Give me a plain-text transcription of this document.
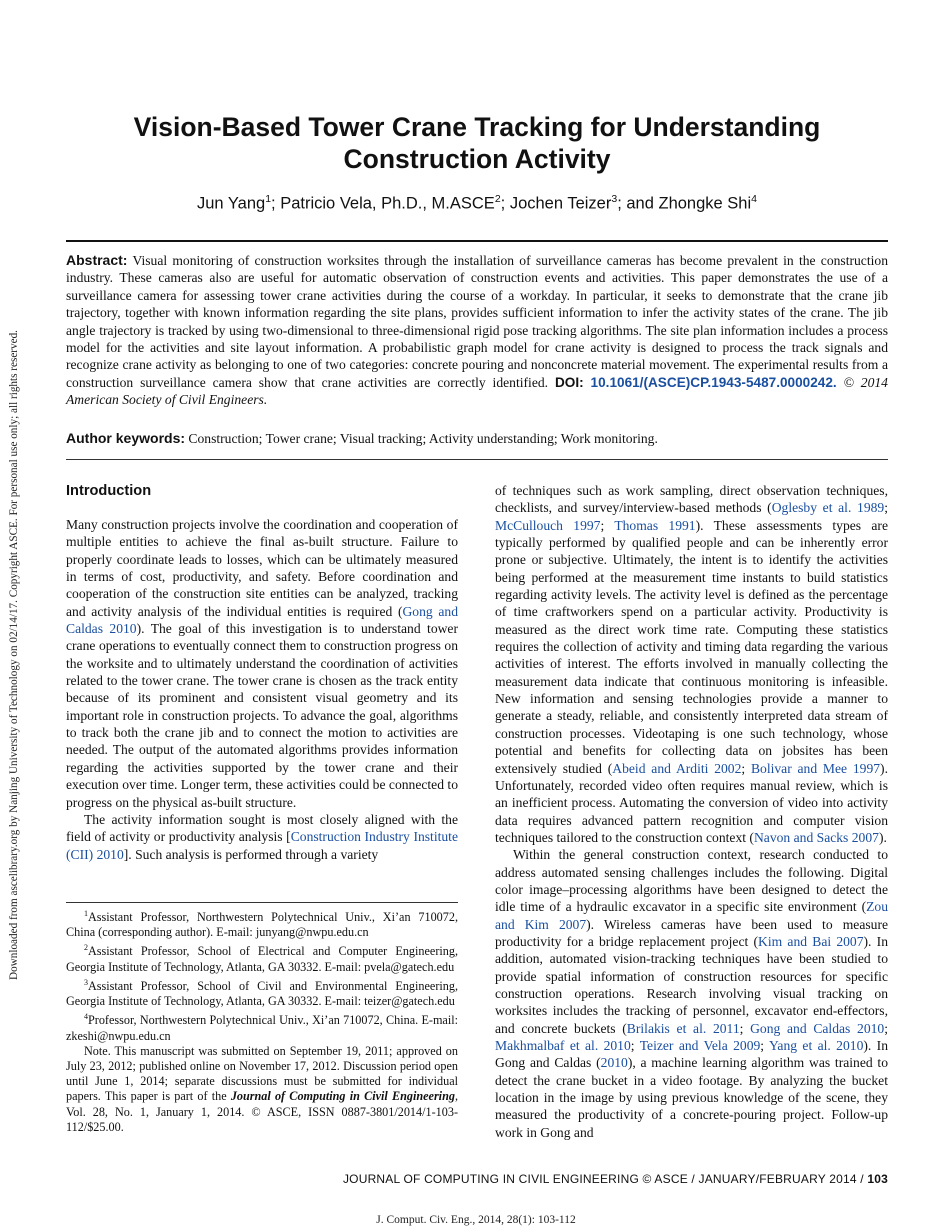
Downloaded from ascelibrary.org by Nanjing University of Technology on 02/14/17. Copyright ASCE. For personal use only; all rights reserved.
Vision-Based Tower Crane Tracking for Understanding Construction Activity
Jun Yang$^1$; Patricio Vela, Ph.D., M.ASCE$^2$; Jochen Teizer$^3$; and Zhongke Shi$^4$

Abstract: Visual monitoring of construction worksites through the installation of surveillance cameras has become prevalent in the construction industry. These cameras also are useful for automatic observation of construction events and activities. This paper demonstrates the use of a surveillance camera for assessing tower crane activities during the course of a workday. In particular, it seeks to demonstrate that the crane jib trajectory, together with known information regarding the site plans, provides sufficient information to infer the activity states of the crane. The jib angle trajectory is tracked by using two-dimensional to three-dimensional rigid pose tracking algorithms. The site plan information includes a process model for the activities and site layout information. A probabilistic graph model for crane activity is designed to process the track signals and recognize crane activity as belonging to one of two categories: concrete pouring and nonconcrete material movement. The experimental results from a construction surveillance camera show that crane activities are correctly identified. DOI: 10.1061/(ASCE)CP.1943-5487.0000242. © 2014 American Society of Civil Engineers.

Author keywords: Construction; Tower crane; Visual tracking; Activity understanding; Work monitoring.

Introduction

Many construction projects involve the coordination and cooperation of multiple entities to achieve the final as-built structure. Failure to properly coordinate leads to losses, which can be ultimately measured in terms of cost, productivity, and safety. Before coordination and cooperation of the construction site entities can be analyzed, tracking and activity analysis of the individual entities is required (Gong and Caldas 2010). The goal of this investigation is to understand tower crane operations to eventually connect them to construction progress on the worksite and to ultimately understand the coordination of activities related to the tower crane. The tower crane is chosen as the track entity because of its prominent and consistent visual geometry and its important role in construction projects. To advance the goal, algorithms to track both the crane jib and to connect the motion to activities are needed. The output of the automated algorithms provides information regarding the activities supported by the tower crane and their execution over time. Longer term, these activities could be connected to progress on the physical as-built structure.

The activity information sought is most closely aligned with the field of activity or productivity analysis [Construction Industry Institute (CII) 2010]. Such analysis is performed through a variety

$^1$Assistant Professor, Northwestern Polytechnical Univ., Xi’an 710072, China (corresponding author). E-mail: junyang@nwpu.edu.cn

$^2$Assistant Professor, School of Electrical and Computer Engineering, Georgia Institute of Technology, Atlanta, GA 30332. E-mail: pvela@gatech.edu

$^3$Assistant Professor, School of Civil and Environmental Engineering, Georgia Institute of Technology, Atlanta, GA 30332. E-mail: teizer@gatech.edu

$^4$Professor, Northwestern Polytechnical Univ., Xi’an 710072, China. E-mail: zkeshi@nwpu.edu.cn

Note. This manuscript was submitted on September 19, 2011; approved on July 23, 2012; published online on November 17, 2012. Discussion period open until June 1, 2014; separate discussions must be submitted for individual papers. This paper is part of the Journal of Computing in Civil Engineering, Vol. 28, No. 1, January 1, 2014. © ASCE, ISSN 0887-3801/2014/1-103-112/$25.00.

of techniques such as work sampling, direct observation techniques, checklists, and survey/interview-based methods (Oglesby et al. 1989; McCullouch 1997; Thomas 1991). These assessments types are typically performed by qualified people and can be inherently error prone or subjective. Ultimately, the intent is to identify the activities being performed at the measurement time instants to build statistics regarding activity levels. The activity level is defined as the percentage of time craftworkers spend on a particular activity. Productivity is measured as the direct work time rate. Computing these statistics requires the collection of activity and timing data regarding the various activities of interest. The efforts involved in manually collecting the measurement data indicate that continuous monitoring is infeasible. New information and sensing technologies provide a manner to generate a steady, reliable, and consistently interpreted data stream of construction processes. Videotaping is one such technology, whose potential and benefits for collecting data on jobsites has been extensively studied (Abeid and Arditi 2002; Bolivar and Mee 1997). Unfortunately, recorded video often requires manual review, which is an inefficient process. Automating the conversion of video into activity data requires advanced pattern recognition and computer vision techniques tailored to the construction context (Navon and Sacks 2007).

Within the general construction context, research conducted to address automated sensing challenges includes the following. Digital color image–processing algorithms have been designed to detect the idle time of a hydraulic excavator in a specific site environment (Zou and Kim 2007). Wireless cameras have been used to measure productivity for a bridge replacement project (Kim and Bai 2007). In addition, automated vision-tracking techniques have been studied to provide spatial information of construction resources for specific construction operations. Research involving visual tracking on worksites includes the tracking of personnel, excavator end-effectors, and concrete buckets (Brilakis et al. 2011; Gong and Caldas 2010; Makhmalbaf et al. 2010; Teizer and Vela 2009; Yang et al. 2010). In Gong and Caldas (2010), a machine learning algorithm was trained to detect the crane bucket in a video footage. By analyzing the bucket location in the image by using previous knowledge of the scene, they measured the productivity of a concrete-pouring project. Follow-up work in Gong and

JOURNAL OF COMPUTING IN CIVIL ENGINEERING © ASCE / JANUARY/FEBRUARY 2014 / 103
J. Comput. Civ. Eng., 2014, 28(1): 103-112
